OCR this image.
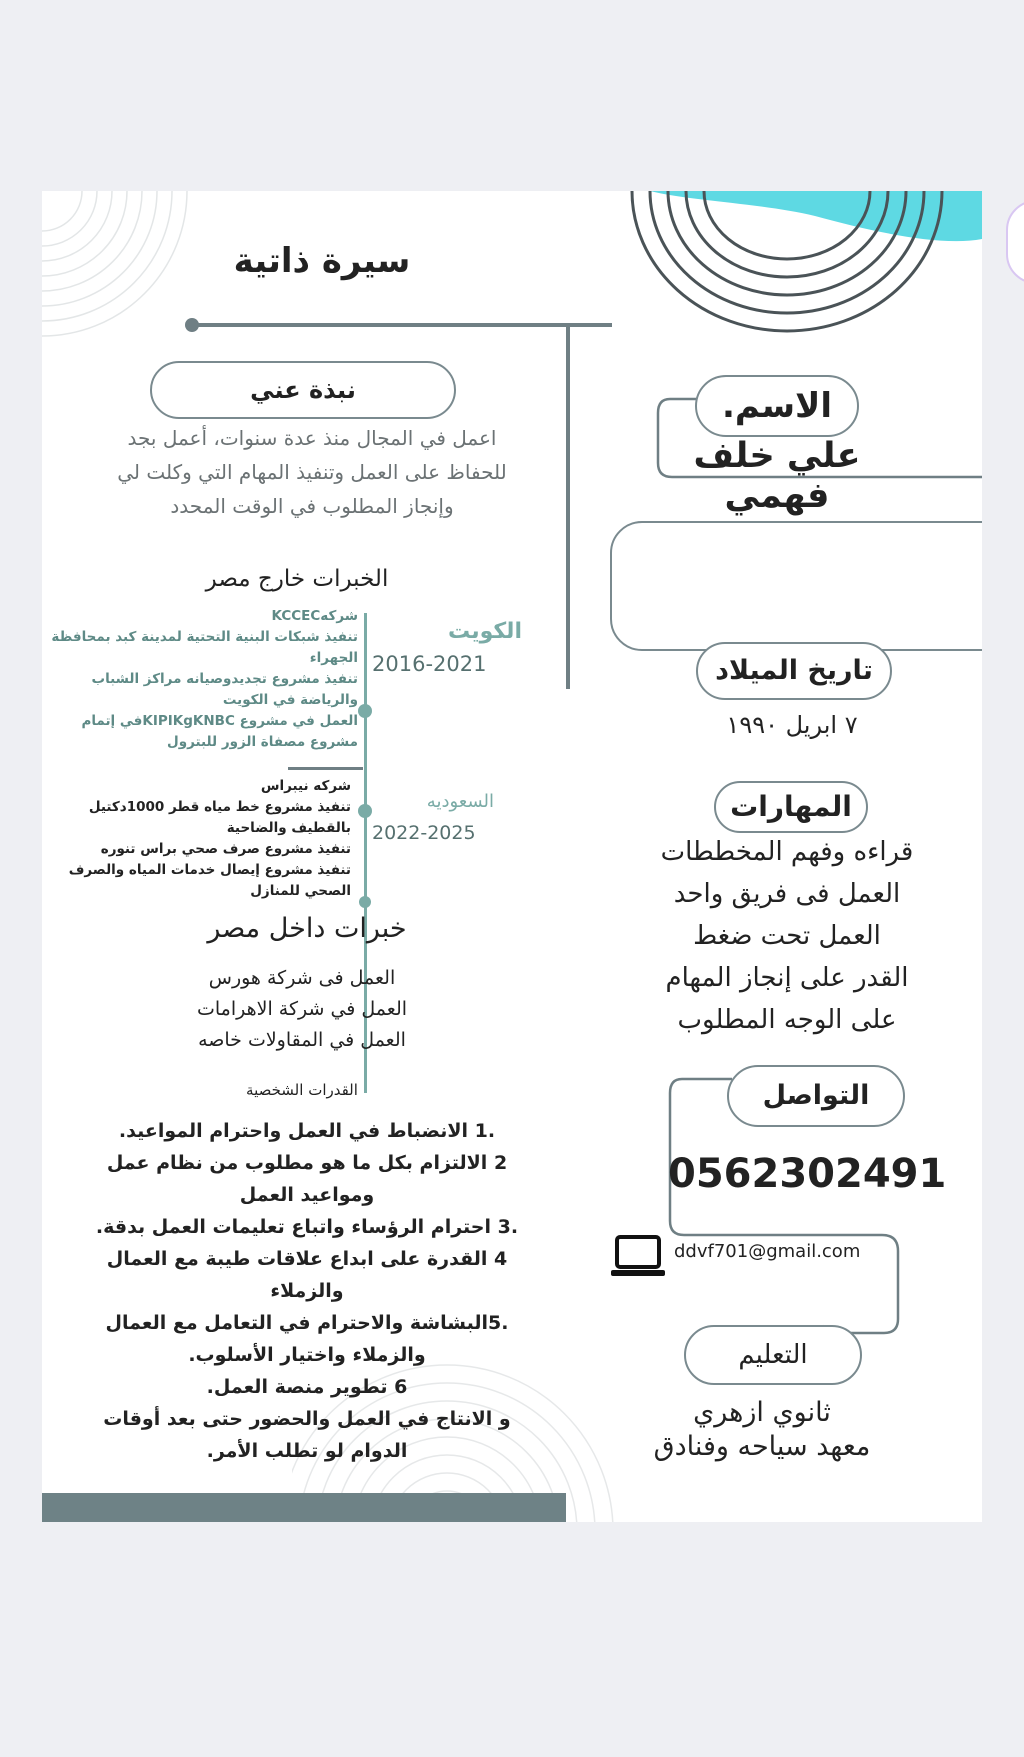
سيرة ذاتية
نبذة عني
اعمل في المجال منذ عدة سنوات، أعمل بجد
للحفاظ على العمل وتنفيذ المهام التي وكلت لي
وإنجاز المطلوب في الوقت المحدد
الخبرات خارج مصر
الكويت
2016-2021
شركهKCCEC
تنفيذ شبكات البنية التحتية لمدينة كبد بمحافظة
الجهراء
تنفيذ مشروع تجديدوصيانه مراكز الشباب
والرياضة في الكويت
العمل في مشروع KIPIKgKNBCفي إتمام
مشروع مصفاة الزور للبترول
السعوديه
2022-2025
شركه نيبراس
تنفيذ مشروع خط مياه قطر 1000دكتيل
بالقطيف والضاحية
تنفيذ مشروع صرف صحي براس تنوره
تنفيذ مشروع إيصال خدمات المياه والصرف
الصحي للمنازل
خبرات داخل مصر
العمل فى شركة هورس
العمل في شركة الاهرامات
العمل في المقاولات خاصه
القدرات الشخصية
.1 الانضباط في العمل واحترام المواعيد.
2 الالتزام بكل ما هو مطلوب من نظام عمل
ومواعيد العمل
.3 احترام الرؤساء واتباع تعليمات العمل بدقة.
4 القدرة على ابداع علاقات طيبة مع العمال
والزملاء
.5البشاشة والاحترام في التعامل مع العمال
والزملاء واختيار الأسلوب.
6 تطوير منصة العمل.
و الانتاج في العمل والحضور حتى بعد أوقات
الدوام لو تطلب الأمر.
الاسم.
علي خلف فهمي
تاريخ الميلاد
٧ ابريل ١٩٩٠
المهارات
قراءه وفهم المخططات
العمل فى فريق واحد
العمل تحت ضغط
القدر على إنجاز المهام
على الوجه المطلوب
التواصل
0562302491
ddvf701@gmail.com
التعليم
ثانوي ازهري
معهد سياحه وفنادق
